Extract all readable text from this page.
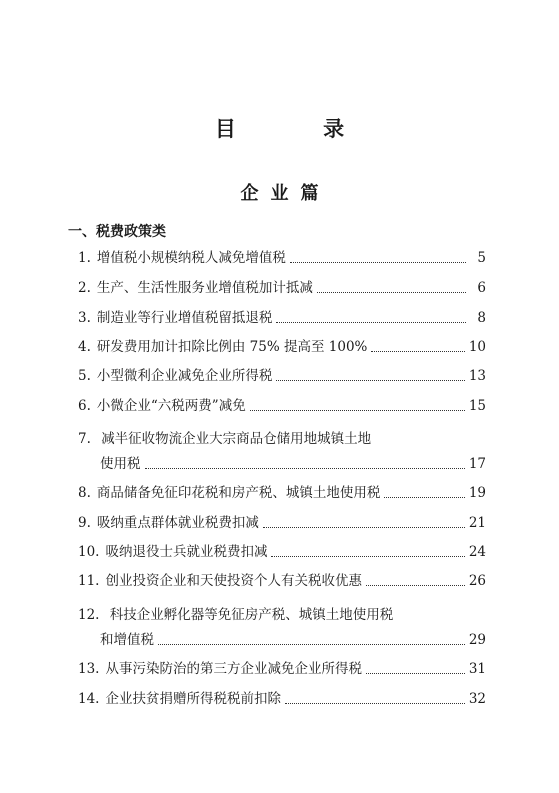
目 录
企业篇
一、税费政策类
1. 增值税小规模纳税人减免增值税	5
2. 生产、生活性服务业增值税加计抵减	6
3. 制造业等行业增值税留抵退税	8
4. 研发费用加计扣除比例由 75% 提高至 100%	10
5. 小型微利企业减免企业所得税	13
6. 小微企业“六税两费”减免	15
7. 减半征收物流企业大宗商品仓储用地城镇土地
使用税	17
8. 商品储备免征印花税和房产税、城镇土地使用税	19
9. 吸纳重点群体就业税费扣减	21
10. 吸纳退役士兵就业税费扣减	24
11. 创业投资企业和天使投资个人有关税收优惠	26
12. 科技企业孵化器等免征房产税、城镇土地使用税
和增值税	29
13. 从事污染防治的第三方企业减免企业所得税	31
14. 企业扶贫捐赠所得税税前扣除	32
